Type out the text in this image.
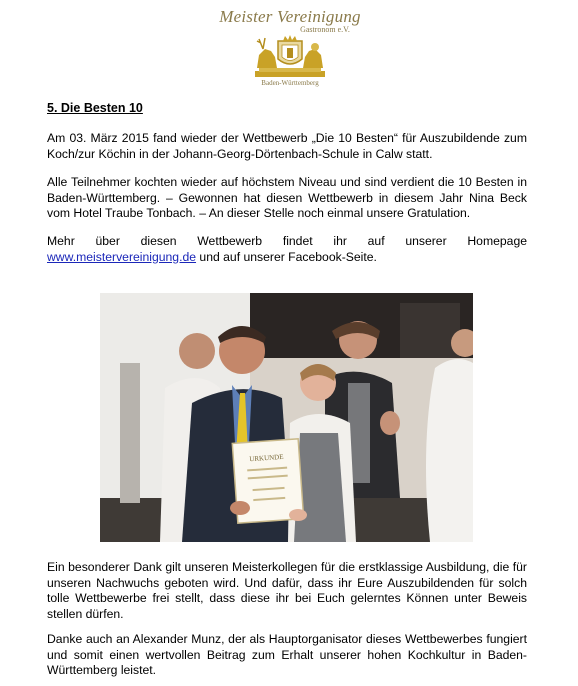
Meister Vereinigung
Gastronom e.V.
Baden-Württemberg
5. Die Besten 10

Am 03. März 2015 fand wieder der Wettbewerb „Die 10 Besten“ für Auszubildende zum Koch/zur Köchin in der Johann-Georg-Dörtenbach-Schule in Calw statt.

Alle Teilnehmer kochten wieder auf höchstem Niveau und sind verdient die 10 Besten in Baden-Württemberg. – Gewonnen hat diesen Wettbewerb in diesem Jahr Nina Beck vom Hotel Traube Tonbach. – An dieser Stelle noch einmal unsere Gratulation.

Mehr über diesen Wettbewerb findet ihr auf unserer Homepage www.meistervereinigung.de und auf unserer Facebook-Seite.

URKUNDE

Ein besonderer Dank gilt unseren Meisterkollegen für die erstklassige Ausbildung, die für unseren Nachwuchs geboten wird. Und dafür, dass ihr Eure Auszubildenden für solch tolle Wettbewerbe frei stellt, dass diese ihr bei Euch gelerntes Können unter Beweis stellen dürfen.

Danke auch an Alexander Munz, der als Hauptorganisator dieses Wettbewerbes fungiert und somit einen wertvollen Beitrag zum Erhalt unserer hohen Kochkultur in Baden-Württemberg leistet.
